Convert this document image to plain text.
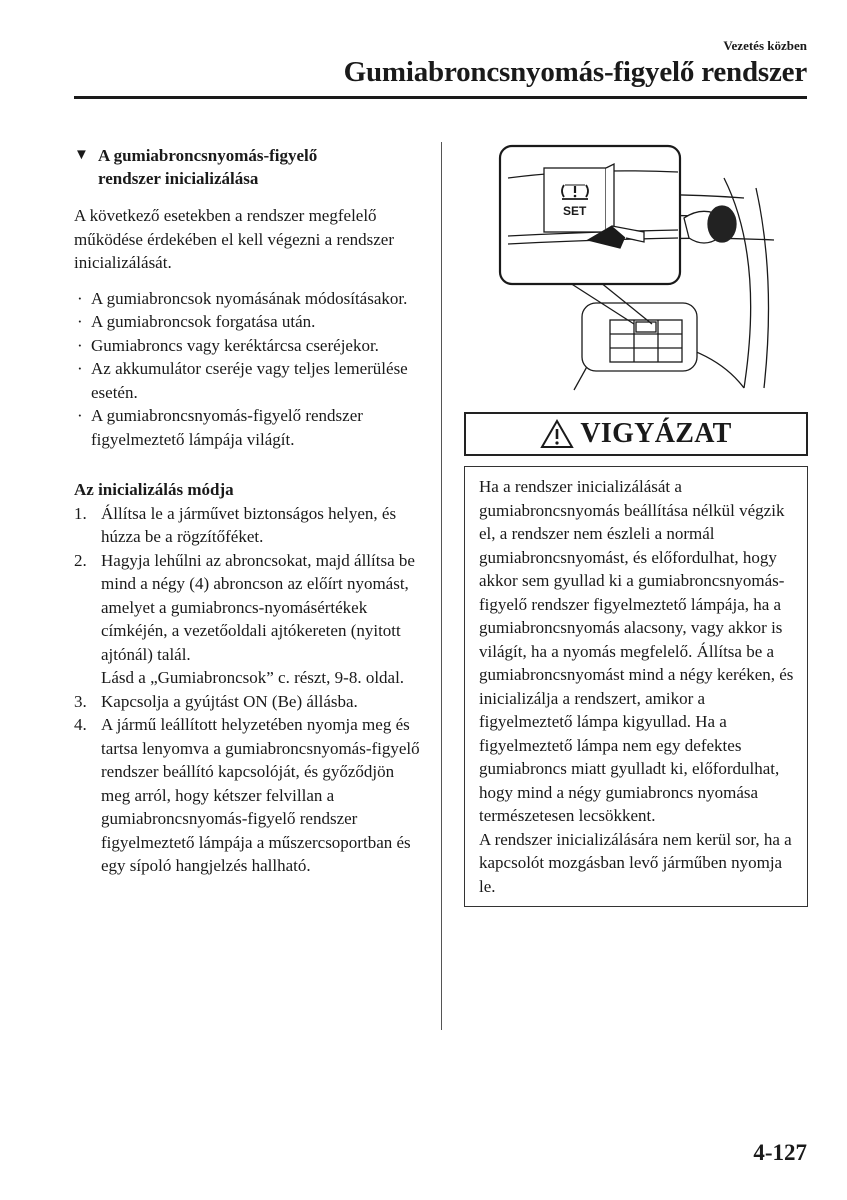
Vezetés közben
Gumiabroncsnyomás-figyelő rendszer
▼ A gumiabroncsnyomás-figyelő
rendszer inicializálása
A következő esetekben a rendszer megfelelő működése érdekében el kell végezni a rendszer inicializálását.
· A gumiabroncsok nyomásának módosításakor.
· A gumiabroncsok forgatása után.
· Gumiabroncs vagy keréktárcsa cseréjekor.
· Az akkumulátor cseréje vagy teljes lemerülése esetén.
· A gumiabroncsnyomás-figyelő rendszer figyelmeztető lámpája világít.
Az inicializálás módja
1. Állítsa le a járművet biztonságos helyen, és húzza be a rögzítőféket.
2. Hagyja lehűlni az abroncsokat, majd állítsa be mind a négy (4) abroncson az előírt nyomást, amelyet a gumiabroncs-nyomásértékek címkéjén, a vezetőoldali ajtókereten (nyitott ajtónál) talál.
Lásd a „Gumiabroncsok” c. részt, 9-8. oldal.
3. Kapcsolja a gyújtást ON (Be) állásba.
4. A jármű leállított helyzetében nyomja meg és tartsa lenyomva a gumiabroncsnyomás-figyelő rendszer beállító kapcsolóját, és győződjön meg arról, hogy kétszer felvillan a gumiabroncsnyomás-figyelő rendszer figyelmeztető lámpája a műszercsoportban és egy sípoló hangjelzés hallható.
SET
VIGYÁZAT
Ha a rendszer inicializálását a gumiabroncsnyomás beállítása nélkül végzik el, a rendszer nem észleli a normál gumiabroncsnyomást, és előfordulhat, hogy akkor sem gyullad ki a gumiabroncsnyomás-figyelő rendszer figyelmeztető lámpája, ha a gumiabroncsnyomás alacsony, vagy akkor is világít, ha a nyomás megfelelő. Állítsa be a gumiabroncsnyomást mind a négy keréken, és inicializálja a rendszert, amikor a figyelmeztető lámpa kigyullad. Ha a figyelmeztető lámpa nem egy defektes gumiabroncs miatt gyulladt ki, előfordulhat, hogy mind a négy gumiabroncs nyomása természetesen lecsökkent.
A rendszer inicializálására nem kerül sor, ha a kapcsolót mozgásban levő járműben nyomja le.
4-127
